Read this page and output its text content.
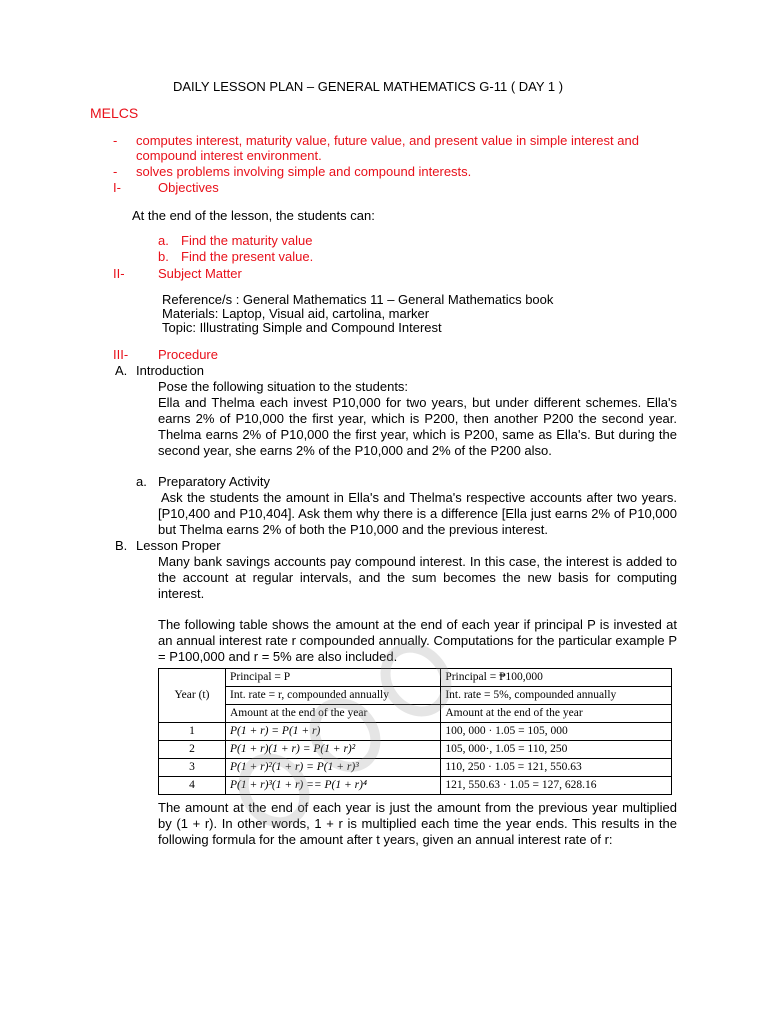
DAILY LESSON PLAN – GENERAL MATHEMATICS G-11 ( DAY 1 )
MELCS
- computes interest, maturity value, future value, and present value in simple interest and
compound interest environment.
- solves problems involving simple and compound interests.
I-	Objectives
At the end of the lesson, the students can:
a. Find the maturity value
b. Find the present value.
II-	Subject Matter
Reference/s : General Mathematics 11 – General Mathematics book
Materials: Laptop, Visual aid, cartolina, marker
Topic: Illustrating Simple and Compound Interest
III- Procedure
A. Introduction
Pose the following situation to the students:
Ella and Thelma each invest P10,000 for two years, but under different schemes. Ella's earns 2% of P10,000 the first year, which is P200, then another P200 the second year. Thelma earns 2% of P10,000 the first year, which is P200, same as Ella's. But during the second year, she earns 2% of the P10,000 and 2% of the P200 also.
a. Preparatory Activity
Ask the students the amount in Ella's and Thelma's respective accounts after two years. [P10,400 and P10,404]. Ask them why there is a difference [Ella just earns 2% of P10,000 but Thelma earns 2% of both the P10,000 and the previous interest.
B. Lesson Proper
Many bank savings accounts pay compound interest. In this case, the interest is added to the account at regular intervals, and the sum becomes the new basis for computing interest.
The following table shows the amount at the end of each year if principal P is invested at an annual interest rate r compounded annually. Computations for the particular example P = P100,000 and r = 5% are also included.
Year (t)	Principal = P	Principal = ₱100,000
	Int. rate = r, compounded annually	Int. rate = 5%, compounded annually
	Amount at the end of the year	Amount at the end of the year
1	P(1 + r) = P(1 + r)	100, 000 · 1.05 = 105, 000
2	P(1 + r)(1 + r) = P(1 + r)²	105, 000·, 1.05 = 110, 250
3	P(1 + r)²(1 + r) = P(1 + r)³	110, 250 · 1.05 = 121, 550.63
4	P(1 + r)³(1 + r) == P(1 + r)⁴	121, 550.63 · 1.05 = 127, 628.16
The amount at the end of each year is just the amount from the previous year multiplied by (1 + r). In other words, 1 + r is multiplied each time the year ends. This results in the following formula for the amount after t years, given an annual interest rate of r:
